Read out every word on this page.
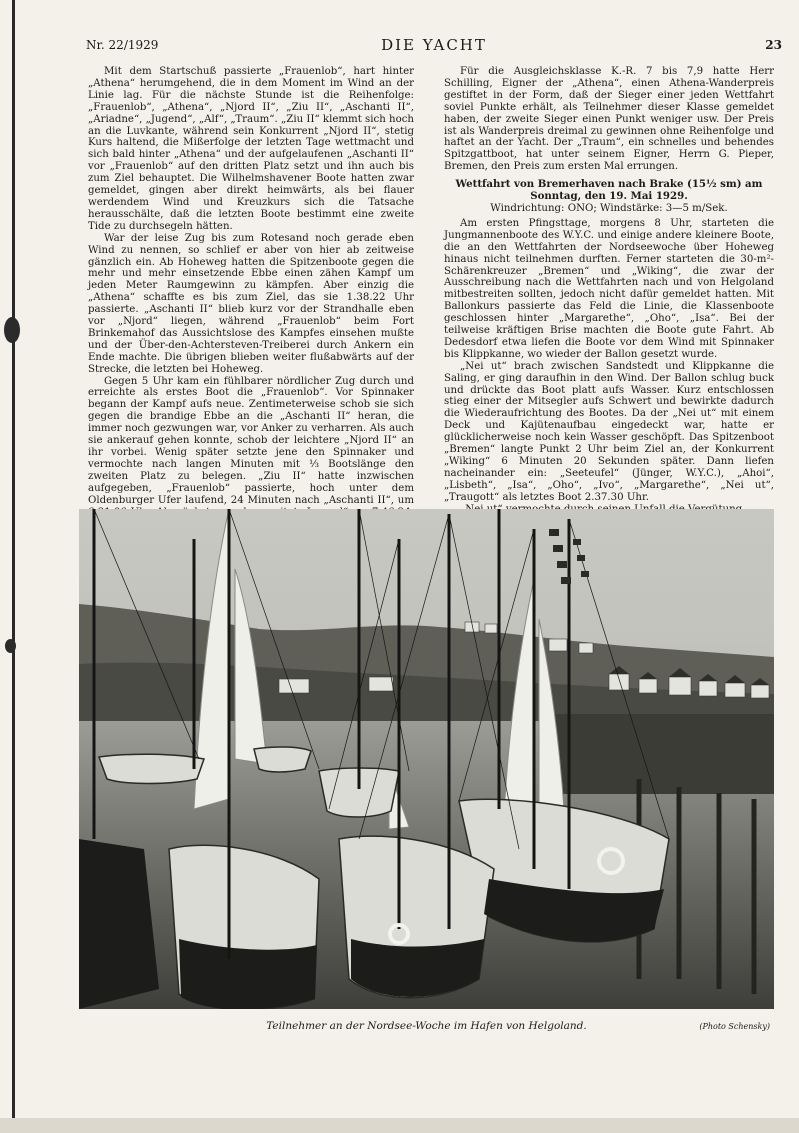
Nr. 22/1929	DIE YACHT	23

Mit dem Startschuß passierte „Frauenlob“, hart hinter „Athena“ herumgehend, die in dem Moment im Wind an der Linie lag. Für die nächste Stunde ist die Reihenfolge: „Frauenlob“, „Athena“, „Njord II“, „Ziu II“, „Aschanti II“, „Ariadne“, „Jugend“, „Alf“, „Traum“. „Ziu II“ klemmt sich hoch an die Luvkante, während sein Konkurrent „Njord II“, stetig Kurs haltend, die Mißerfolge der letzten Tage wettmacht und sich bald hinter „Athena“ und der aufgelaufenen „Aschanti II“ vor „Frauenlob“ auf den dritten Platz setzt und ihn auch bis zum Ziel behauptet. Die Wilhelmshavener Boote hatten zwar gemeldet, gingen aber direkt heimwärts, als bei flauer werdendem Wind und Kreuzkurs sich die Tatsache herausschälte, daß die letzten Boote bestimmt eine zweite Tide zu durchsegeln hätten.

War der leise Zug bis zum Rotesand noch gerade eben Wind zu nennen, so schlief er aber von hier ab zeitweise gänzlich ein. Ab Hoheweg hatten die Spitzenboote gegen die mehr und mehr einsetzende Ebbe einen zähen Kampf um jeden Meter Raumgewinn zu kämpfen. Aber einzig die „Athena“ schaffte es bis zum Ziel, das sie 1.38.22 Uhr passierte. „Aschanti II“ blieb kurz vor der Strandhalle eben vor „Njord“ liegen, während „Frauenlob“ beim Fort Brinkemahof das Aussichtslose des Kampfes einsehen mußte und der Über-den-Achtersteven-Treiberei durch Ankern ein Ende machte. Die übrigen blieben weiter flußabwärts auf der Strecke, die letzten bei Hoheweg.

Gegen 5 Uhr kam ein fühlbarer nördlicher Zug durch und erreichte als erstes Boot die „Frauenlob“. Vor Spinnaker begann der Kampf aufs neue. Zentimeterweise schob sie sich gegen die brandige Ebbe an die „Aschanti II“ heran, die immer noch gezwungen war, vor Anker zu verharren. Als auch sie ankerauf gehen konnte, schob der leichtere „Njord II“ an ihr vorbei. Wenig später setzte jene den Spinnaker und vermochte nach langen Minuten mit ⅓ Bootslänge den zweiten Platz zu belegen. „Ziu II“ hatte inzwischen aufgegeben, „Frauenlob“ passierte, hoch unter dem Oldenburger Ufer laufend, 24 Minuten nach „Aschanti II“, um

Für die Ausgleichsklasse K.-R. 7 bis 7,9 hatte Herr Schilling, Eigner der „Athena“, einen Athena-Wanderpreis gestiftet in der Form, daß der Sieger einer jeden Wettfahrt soviel Punkte erhält, als Teilnehmer dieser Klasse gemeldet haben, der zweite Sieger einen Punkt weniger usw. Der Preis ist als Wanderpreis dreimal zu gewinnen ohne Reihenfolge und haftet an der Yacht. Der „Traum“, ein schnelles und behendes Spitzgattboot, hat unter seinem Eigner, Herrn G. Pieper, Bremen, den Preis zum ersten Mal errungen.

Wettfahrt von Bremerhaven nach Brake (15½ sm) am Sonntag, den 19. Mai 1929.
Windrichtung: ONO; Windstärke: 3—5 m/Sek.

Am ersten Pfingsttage, morgens 8 Uhr, starteten die Jungmannenboote des W.Y.C. und einige andere kleinere Boote, die an den Wettfahrten der Nordseewoche über Hoheweg hinaus nicht teilnehmen durften. Ferner starteten die 30-m²-Schärenkreuzer „Bremen“ und „Wiking“, die zwar der Ausschreibung nach die Wettfahrten nach und von Helgoland mitbestreiten sollten, jedoch nicht dafür gemeldet hatten. Mit Ballonkurs passierte das Feld die Linie, die Klassenboote geschlossen hinter „Margarethe“, „Oho“, „Isa“. Bei der teilweise kräftigen Brise machten die Boote gute Fahrt. Ab Dedesdorf etwa liefen die Boote vor dem Wind mit Spinnaker bis Klippkanne, wo wieder der Ballon gesetzt wurde.

„Nei ut“ brach zwischen Sandstedt und Klippkanne die Saling, er ging daraufhin in den Wind. Der Ballon schlug buck und drückte das Boot platt aufs Wasser. Kurz entschlossen stieg einer der Mitsegler aufs Schwert und bewirkte dadurch die Wiederaufrichtung des Bootes. Da der „Nei ut“ mit einem Deck und Kajütenaufbau eingedeckt war, hatte er glücklicherweise noch kein Wasser geschöpft. Das Spitzenboot „Bremen“ langte Punkt 2 Uhr beim Ziel an, der Konkurrent „Wiking“ 6 Minuten 20 Sekunden später. Dann liefen nacheinander ein: „Seeteufel“ (Jünger, W.Y.C.), „Ahoi“, „Lisbeth“, „Isa“, „Oho“, „Ivo“, „Margarethe“, „Nei ut“, „Traugott“ als letztes Boot 2.37.30 Uhr.

Teilnehmer an der Nordsee-Woche im Hafen von Helgoland.	(Photo Schensky)
